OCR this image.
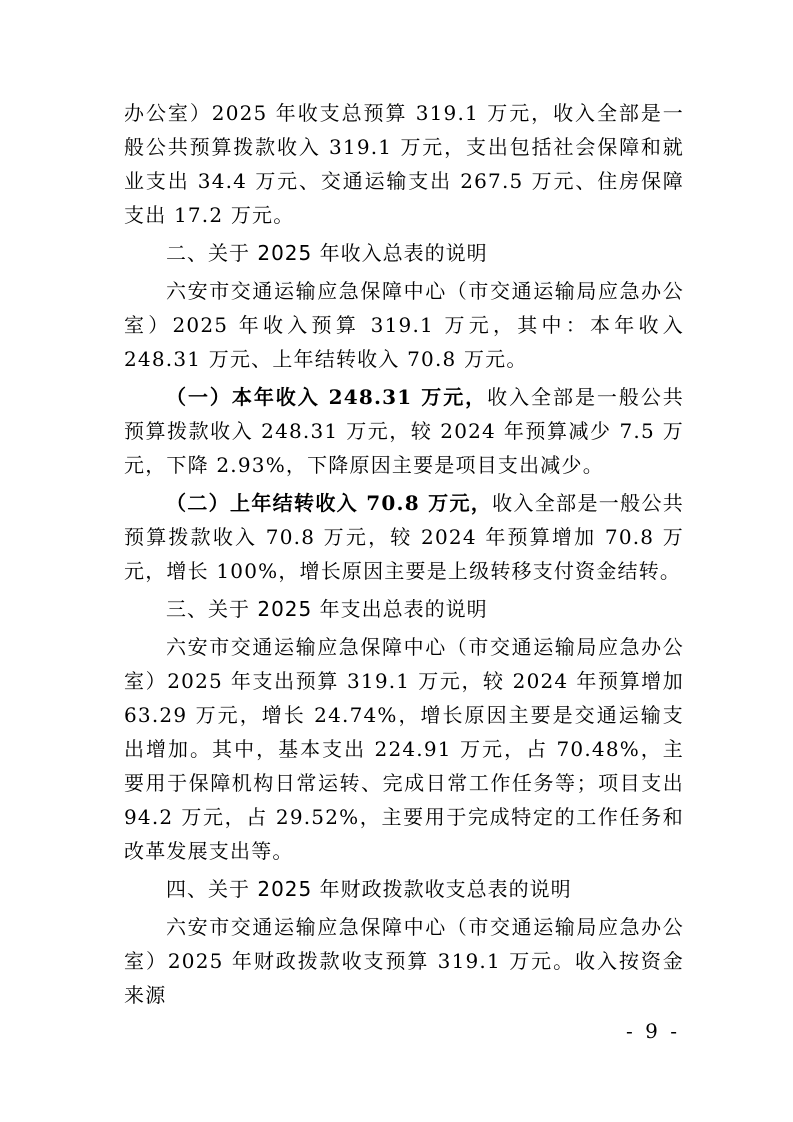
办公室）2025 年收支总预算 319.1 万元，收入全部是一般公共预算拨款收入 319.1 万元，支出包括社会保障和就业支出 34.4 万元、交通运输支出 267.5 万元、住房保障支出 17.2 万元。

二、关于 2025 年收入总表的说明

六安市交通运输应急保障中心（市交通运输局应急办公室）2025 年收入预算 319.1 万元，其中：本年收入 248.31 万元、上年结转收入 70.8 万元。

（一）本年收入 248.31 万元，收入全部是一般公共预算拨款收入 248.31 万元，较 2024 年预算减少 7.5 万元，下降 2.93%，下降原因主要是项目支出减少。

（二）上年结转收入 70.8 万元，收入全部是一般公共预算拨款收入 70.8 万元，较 2024 年预算增加 70.8 万元，增长 100%，增长原因主要是上级转移支付资金结转。

三、关于 2025 年支出总表的说明

六安市交通运输应急保障中心（市交通运输局应急办公室）2025 年支出预算 319.1 万元，较 2024 年预算增加 63.29 万元，增长 24.74%，增长原因主要是交通运输支出增加。其中，基本支出 224.91 万元，占 70.48%，主要用于保障机构日常运转、完成日常工作任务等；项目支出 94.2 万元，占 29.52%，主要用于完成特定的工作任务和改革发展支出等。

四、关于 2025 年财政拨款收支总表的说明

六安市交通运输应急保障中心（市交通运输局应急办公室）2025 年财政拨款收支预算 319.1 万元。收入按资金来源

- 9 -
